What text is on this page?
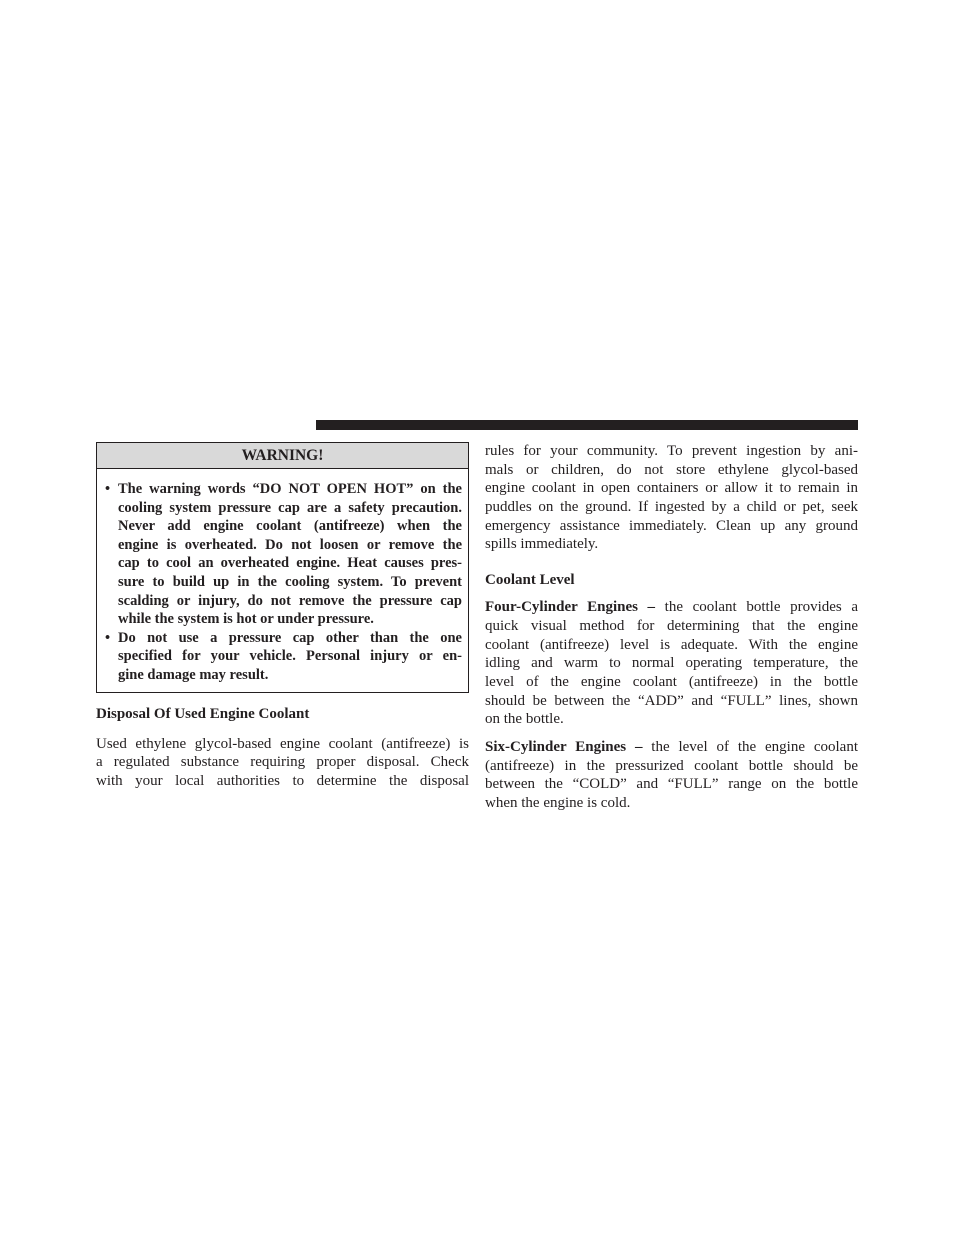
WARNING!
• The warning words “DO NOT OPEN HOT” on the
cooling system pressure cap are a safety precaution.
Never add engine coolant (antifreeze) when the
engine is overheated. Do not loosen or remove the
cap to cool an overheated engine. Heat causes pres-
sure to build up in the cooling system. To prevent
scalding or injury, do not remove the pressure cap
while the system is hot or under pressure.
• Do not use a pressure cap other than the one
specified for your vehicle. Personal injury or en-
gine damage may result.
Disposal Of Used Engine Coolant
Used ethylene glycol-based engine coolant (antifreeze) is
a regulated substance requiring proper disposal. Check
with your local authorities to determine the disposal
rules for your community. To prevent ingestion by ani-
mals or children, do not store ethylene glycol-based
engine coolant in open containers or allow it to remain in
puddles on the ground. If ingested by a child or pet, seek
emergency assistance immediately. Clean up any ground
spills immediately.
Coolant Level
Four-Cylinder Engines – the coolant bottle provides a
quick visual method for determining that the engine
coolant (antifreeze) level is adequate. With the engine
idling and warm to normal operating temperature, the
level of the engine coolant (antifreeze) in the bottle
should be between the “ADD” and “FULL” lines, shown
on the bottle.
Six-Cylinder Engines – the level of the engine coolant
(antifreeze) in the pressurized coolant bottle should be
between the “COLD” and “FULL” range on the bottle
when the engine is cold.
